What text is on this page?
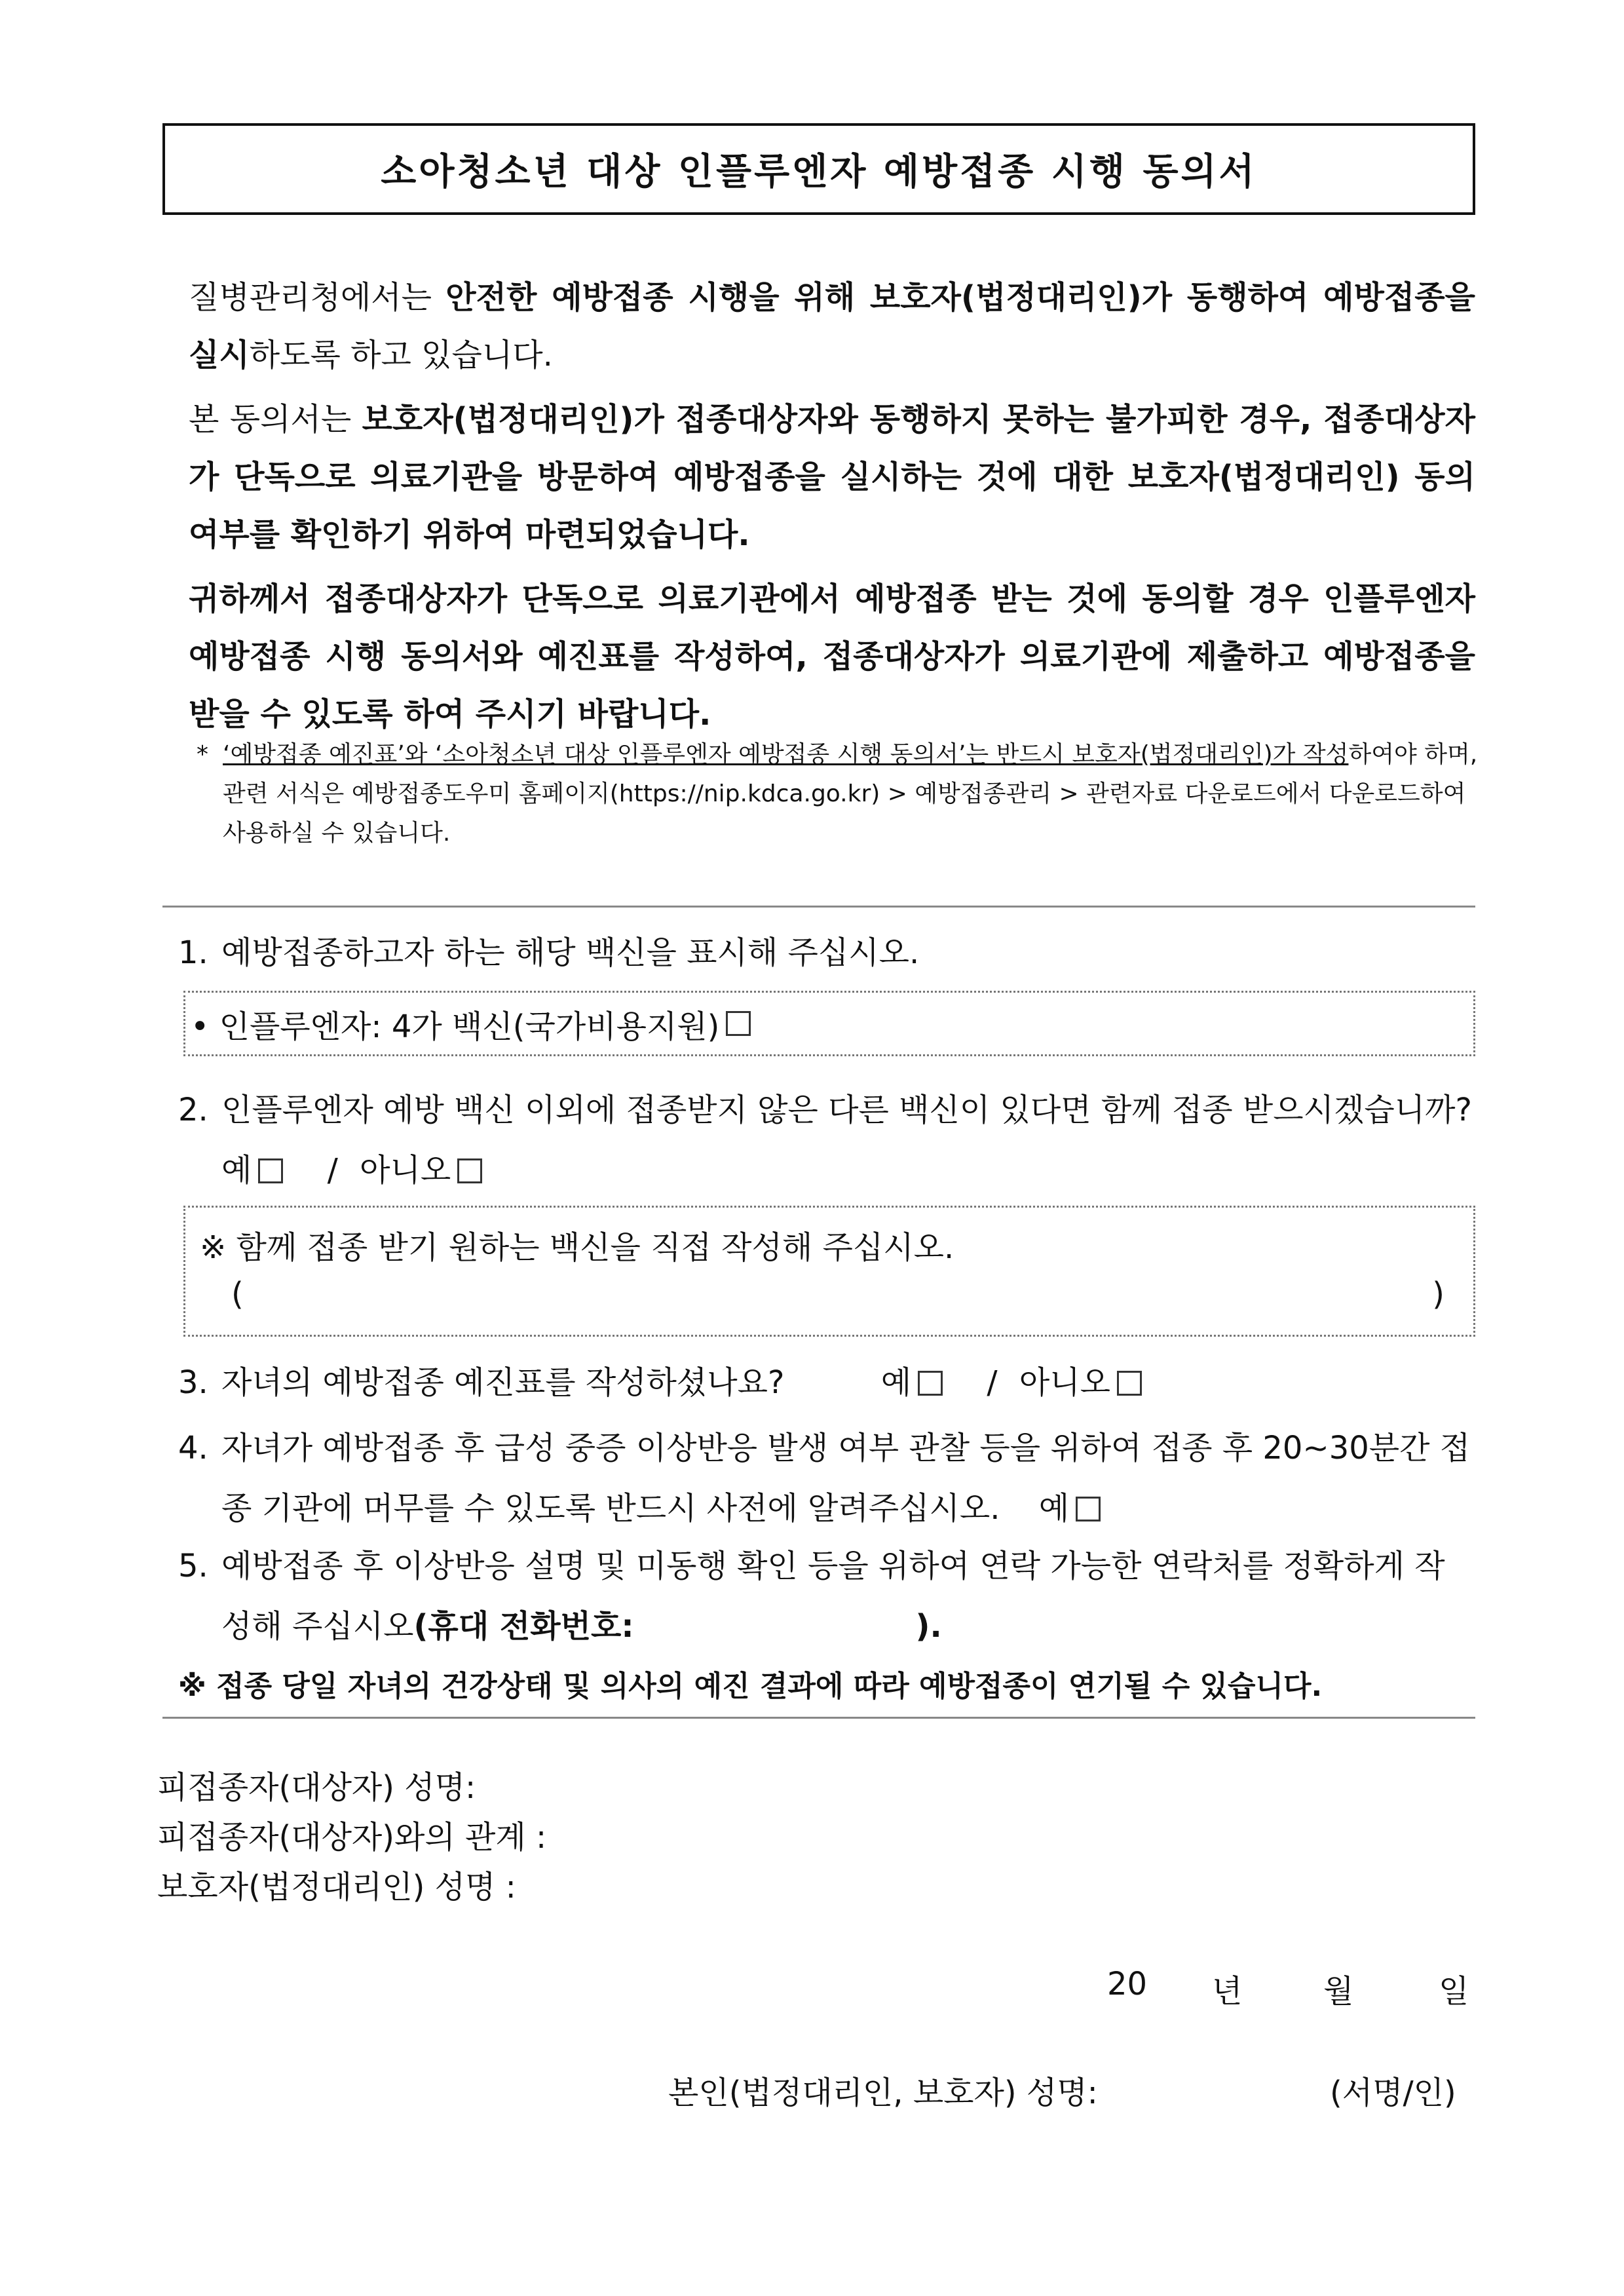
소아청소년 대상 인플루엔자 예방접종 시행 동의서
질병관리청에서는 안전한 예방접종 시행을 위해 보호자(법정대리인)가 동행하여 예방접종을 실시하도록 하고 있습니다.
본 동의서는 보호자(법정대리인)가 접종대상자와 동행하지 못하는 불가피한 경우, 접종대상자가 단독으로 의료기관을 방문하여 예방접종을 실시하는 것에 대한 보호자(법정대리인) 동의 여부를 확인하기 위하여 마련되었습니다.
귀하께서 접종대상자가 단독으로 의료기관에서 예방접종 받는 것에 동의할 경우 인플루엔자 예방접종 시행 동의서와 예진표를 작성하여, 접종대상자가 의료기관에 제출하고 예방접종을 받을 수 있도록 하여 주시기 바랍니다.
* ‘예방접종 예진표’와 ‘소아청소년 대상 인플루엔자 예방접종 시행 동의서’는 반드시 보호자(법정대리인)가 작성하여야 하며, 관련 서식은 예방접종도우미 홈페이지(https://nip.kdca.go.kr) > 예방접종관리 > 관련자료 다운로드에서 다운로드하여 사용하실 수 있습니다.
1. 예방접종하고자 하는 해당 백신을 표시해 주십시오.
• 인플루엔자: 4가 백신(국가비용지원)
2. 인플루엔자 예방 백신 이외에 접종받지 않은 다른 백신이 있다면 함께 접종 받으시겠습니까?
예 / 아니오
※ 함께 접종 받기 원하는 백신을 직접 작성해 주십시오.
(	)
3. 자녀의 예방접종 예진표를 작성하셨나요?	예 / 아니오
4. 자녀가 예방접종 후 급성 중증 이상반응 발생 여부 관찰 등을 위하여 접종 후 20~30분간 접종 기관에 머무를 수 있도록 반드시 사전에 알려주십시오. 예
5. 예방접종 후 이상반응 설명 및 미동행 확인 등을 위하여 연락 가능한 연락처를 정확하게 작성해 주십시오(휴대 전화번호:	).
※ 접종 당일 자녀의 건강상태 및 의사의 예진 결과에 따라 예방접종이 연기될 수 있습니다.
피접종자(대상자) 성명:
피접종자(대상자)와의 관계 :
보호자(법정대리인) 성명 :
20 년	월	일
본인(법정대리인, 보호자) 성명:	(서명/인)
